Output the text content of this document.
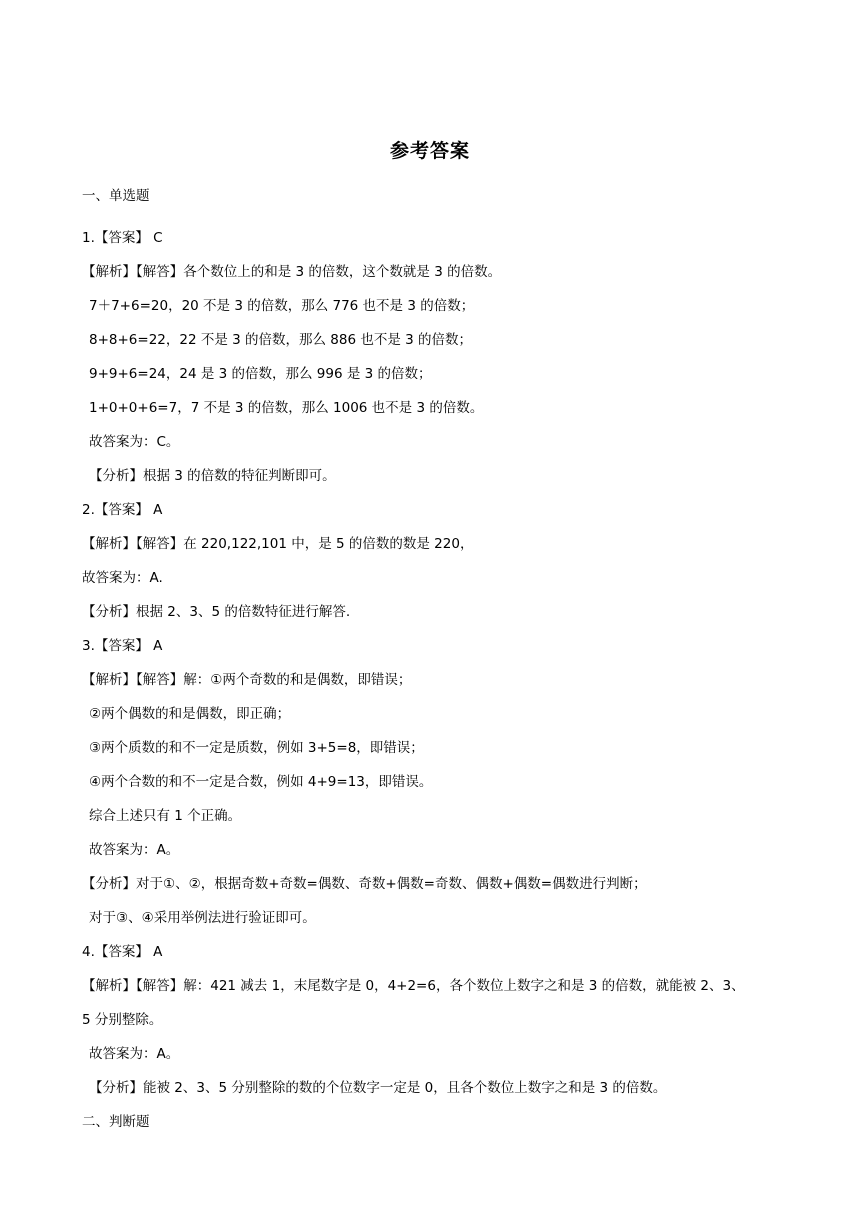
参考答案
一、单选题
1.【答案】 C
【解析】【解答】各个数位上的和是 3 的倍数，这个数就是 3 的倍数。
7＋7+6=20，20 不是 3 的倍数，那么 776 也不是 3 的倍数；
8+8+6=22，22 不是 3 的倍数，那么 886 也不是 3 的倍数；
9+9+6=24，24 是 3 的倍数，那么 996 是 3 的倍数；
1+0+0+6=7，7 不是 3 的倍数，那么 1006 也不是 3 的倍数。
故答案为：C。
【分析】根据 3 的倍数的特征判断即可。
2.【答案】 A
【解析】【解答】在 220,122,101 中，是 5 的倍数的数是 220，
故答案为：A.
【分析】根据 2、3、5 的倍数特征进行解答.
3.【答案】 A
【解析】【解答】解：①两个奇数的和是偶数，即错误；
②两个偶数的和是偶数，即正确；
③两个质数的和不一定是质数，例如 3+5=8，即错误；
④两个合数的和不一定是合数，例如 4+9=13，即错误。
综合上述只有 1 个正确。
故答案为：A。
【分析】对于①、②，根据奇数+奇数=偶数、奇数+偶数=奇数、偶数+偶数=偶数进行判断；
对于③、④采用举例法进行验证即可。
4.【答案】 A
【解析】【解答】解：421 减去 1，末尾数字是 0，4+2=6，各个数位上数字之和是 3 的倍数，就能被 2、3、
5 分别整除。
故答案为：A。
【分析】能被 2、3、5 分别整除的数的个位数字一定是 0，且各个数位上数字之和是 3 的倍数。
二、判断题
